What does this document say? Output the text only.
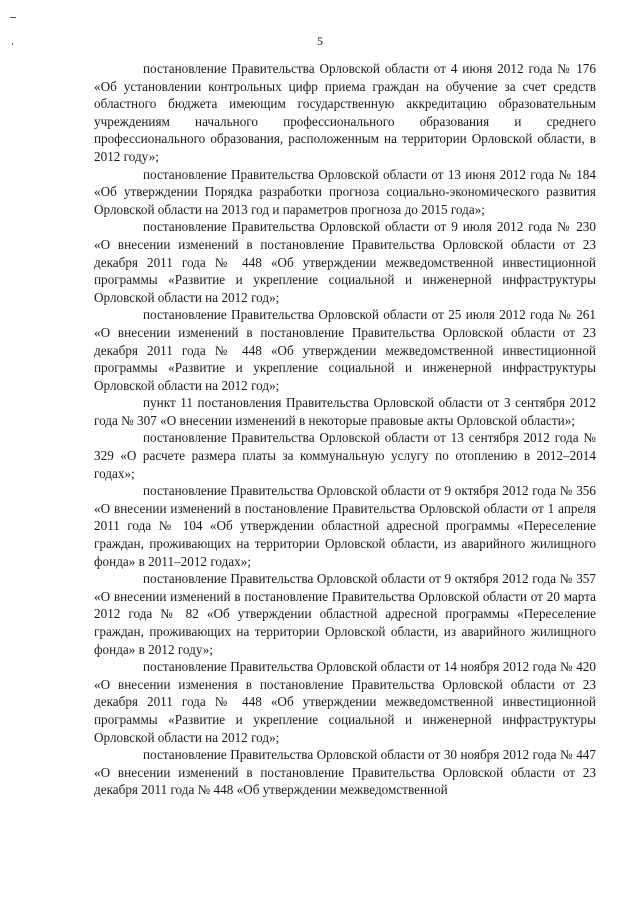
5

постановление Правительства Орловской области от 4 июня 2012 года № 176 «Об установлении контрольных цифр приема граждан на обучение за счет средств областного бюджета имеющим государственную аккредитацию образовательным учреждениям начального профессионального образования и среднего профессионального образования, расположенным на территории Орловской области, в 2012 году»;

постановление Правительства Орловской области от 13 июня 2012 года № 184 «Об утверждении Порядка разработки прогноза социально-экономического развития Орловской области на 2013 год и параметров прогноза до 2015 года»;

постановление Правительства Орловской области от 9 июля 2012 года № 230 «О внесении изменений в постановление Правительства Орловской области от 23 декабря 2011 года № 448 «Об утверждении межведомственной инвестиционной программы «Развитие и укрепление социальной и инженерной инфраструктуры Орловской области на 2012 год»;

постановление Правительства Орловской области от 25 июля 2012 года № 261 «О внесении изменений в постановление Правительства Орловской области от 23 декабря 2011 года № 448 «Об утверждении межведомственной инвестиционной программы «Развитие и укрепление социальной и инженерной инфраструктуры Орловской области на 2012 год»;

пункт 11 постановления Правительства Орловской области от 3 сентября 2012 года № 307 «О внесении изменений в некоторые правовые акты Орловской области»;

постановление Правительства Орловской области от 13 сентября 2012 года № 329 «О расчете размера платы за коммунальную услугу по отоплению в 2012–2014 годах»;

постановление Правительства Орловской области от 9 октября 2012 года № 356 «О внесении изменений в постановление Правительства Орловской области от 1 апреля 2011 года № 104 «Об утверждении областной адресной программы «Переселение граждан, проживающих на территории Орловской области, из аварийного жилищного фонда» в 2011–2012 годах»;

постановление Правительства Орловской области от 9 октября 2012 года № 357 «О внесении изменений в постановление Правительства Орловской области от 20 марта 2012 года № 82 «Об утверждении областной адресной программы «Переселение граждан, проживающих на территории Орловской области, из аварийного жилищного фонда» в 2012 году»;

постановление Правительства Орловской области от 14 ноября 2012 года № 420 «О внесении изменения в постановление Правительства Орловской области от 23 декабря 2011 года № 448 «Об утверждении межведомственной инвестиционной программы «Развитие и укрепление социальной и инженерной инфраструктуры Орловской области на 2012 год»;

постановление Правительства Орловской области от 30 ноября 2012 года № 447 «О внесении изменений в постановление Правительства Орловской области от 23 декабря 2011 года № 448 «Об утверждении межведомственной
